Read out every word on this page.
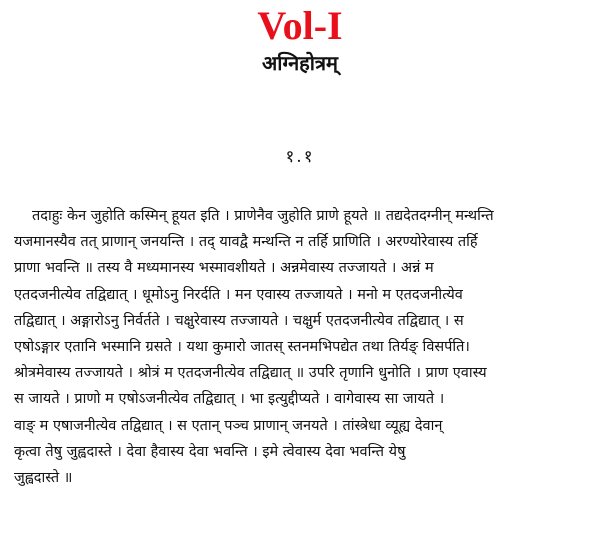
Vol-I
अग्निहोत्रम्
१.१
तदाहुः केन जुहोति कस्मिन् हूयत इति । प्राणेनैव जुहोति प्राणे हूयते ॥ तद्यदेतदग्नीन् मन्थन्ति
यजमानस्यैव तत् प्राणान् जनयन्ति । तद् यावद्वै मन्थन्ति न तर्हि प्राणिति । अरण्योरेवास्य तर्हि
प्राणा भवन्ति ॥ तस्य वै मध्यमानस्य भस्मावशीयते । अन्नमेवास्य तज्जायते । अन्नं म
एतदजनीत्येव तद्विद्यात् । धूमोऽनु निरर्दति । मन एवास्य तज्जायते । मनो म एतदजनीत्येव
तद्विद्यात् । अङ्गारोऽनु निर्वर्तते । चक्षुरेवास्य तज्जायते । चक्षुर्म एतदजनीत्येव तद्विद्यात् । स
एषोऽङ्गार एतानि भस्मानि ग्रसते । यथा कुमारो जातस् स्तनमभिपद्येत तथा तिर्यङ् विसर्पति।
श्रोत्रमेवास्य तज्जायते । श्रोत्रं म एतदजनीत्येव तद्विद्यात् ॥ उपरि तृणानि धुनोति । प्राण एवास्य
स जायते । प्राणो म एषोऽजनीत्येव तद्विद्यात् । भा इत्युद्दीप्यते । वागेवास्य सा जायते ।
वाङ् म एषाजनीत्येव तद्विद्यात् । स एतान् पञ्च प्राणान् जनयते । तांस्त्रेधा व्यूह्य देवान्
कृत्वा तेषु जुह्वदास्ते । देवा हैवास्य देवा भवन्ति । इमे त्वेवास्य देवा भवन्ति येषु
जुह्वदास्ते ॥
